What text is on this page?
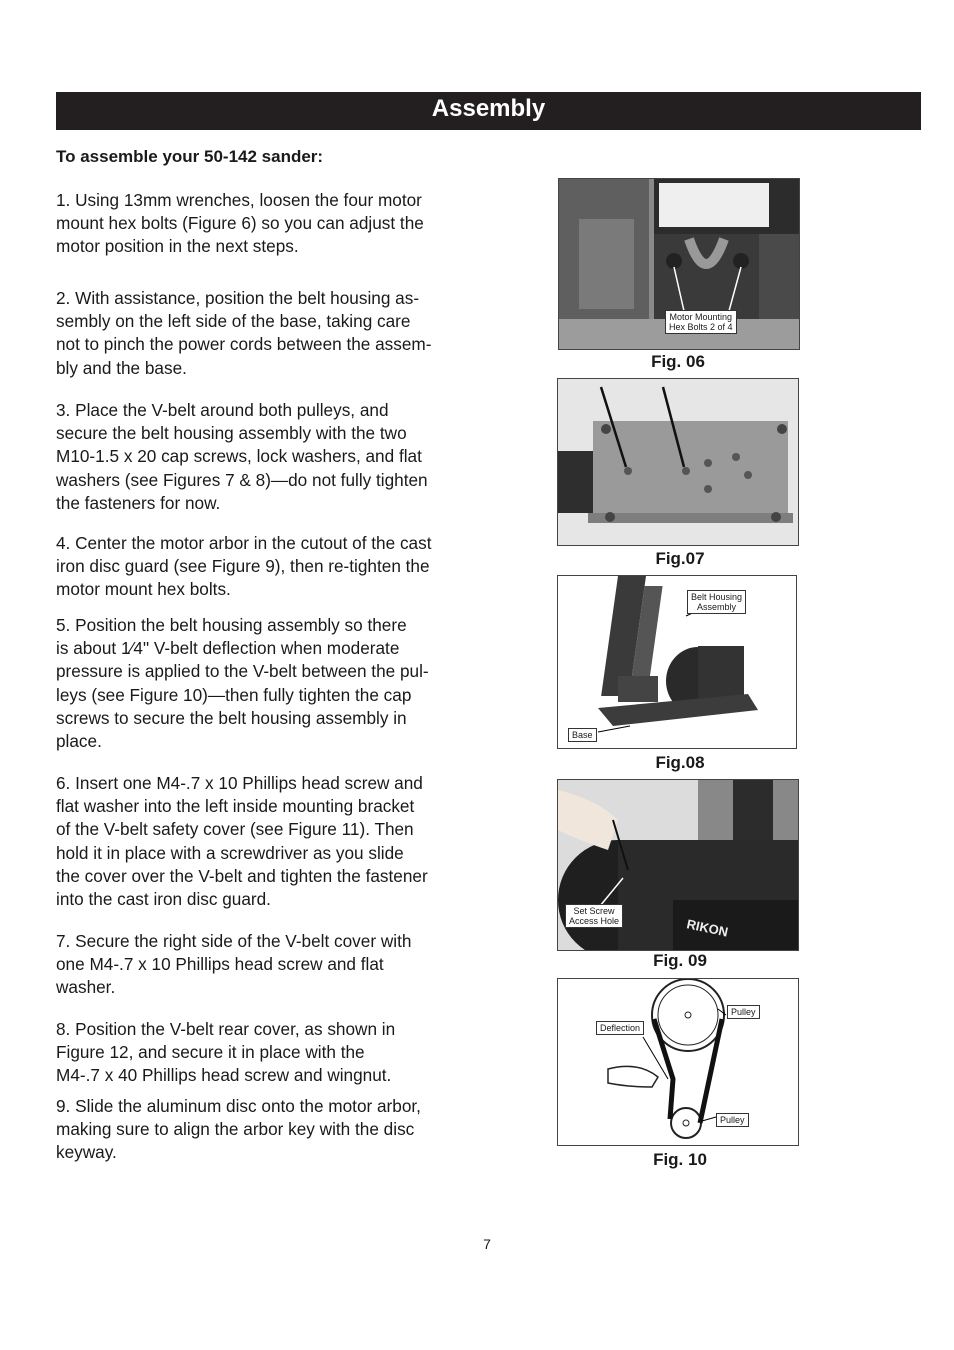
Assembly
To assemble your 50-142 sander:
1. Using 13mm wrenches, loosen the four motor
mount hex bolts (Figure 6) so you can adjust the
motor position in the next steps.
2. With assistance, position the belt housing as-
sembly on the left side of the base, taking care
not to pinch the power cords between the assem-
bly and the base.
3. Place the V-belt around both pulleys, and
secure the belt housing assembly with the two
M10-1.5 x 20 cap screws, lock washers, and flat
washers (see Figures 7 & 8)—do not fully tighten
the fasteners for now.
4. Center the motor arbor in the cutout of the cast
iron disc guard (see Figure 9), then re-tighten the
motor mount hex bolts.
5. Position the belt housing assembly so there
is about 1⁄4" V-belt deflection when moderate
pressure is applied to the V-belt between the pul-
leys (see Figure 10)—then fully tighten the cap
screws to secure the belt housing assembly in
place.
6. Insert one M4-.7 x 10 Phillips head screw and
flat washer into the left inside mounting bracket
of the V-belt safety cover (see Figure 11). Then
hold it in place with a screwdriver as you slide
the cover over the V-belt and tighten the fastener
into the cast iron disc guard.
7. Secure the right side of the V-belt cover with
one M4-.7 x 10 Phillips head screw and flat
washer.
8. Position the V-belt rear cover, as shown in
Figure 12, and secure it in place with the
M4-.7 x 40 Phillips head screw and wingnut.
9. Slide the aluminum disc onto the motor arbor,
making sure to align the arbor key with the disc
keyway.
Motor Mounting
Hex Bolts 2 of 4
Fig. 06
Fig.07
Belt Housing
Assembly
Base
Fig.08
RIKON
Set Screw
Access Hole
Fig. 09
Deflection
Pulley
Pulley
Fig. 10
7
